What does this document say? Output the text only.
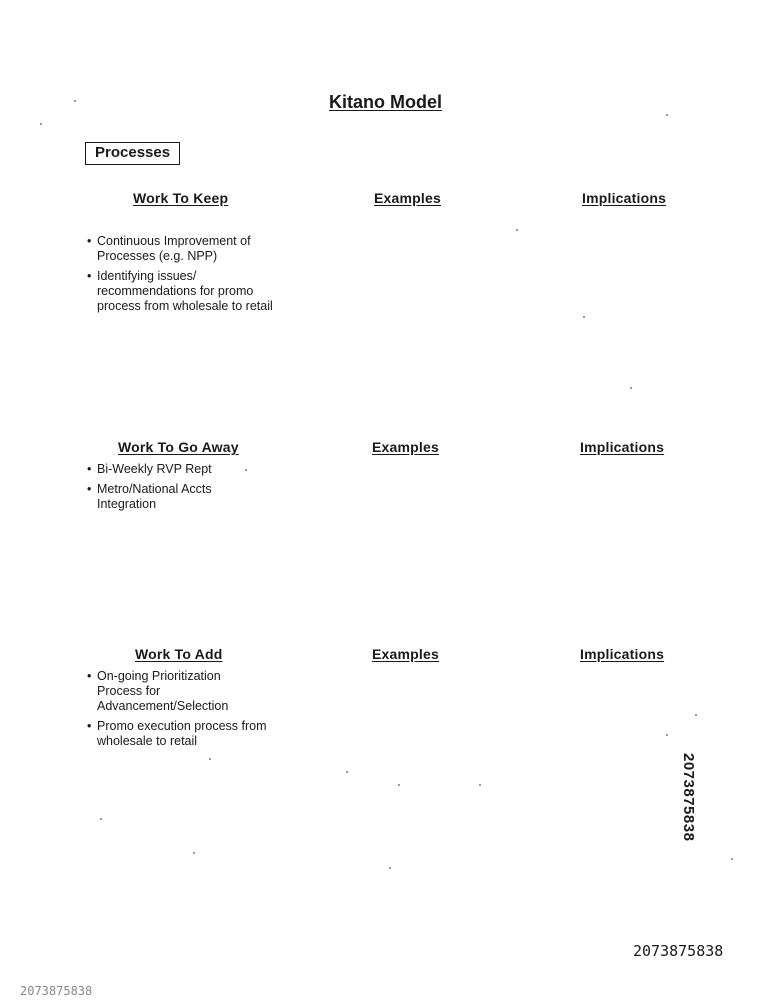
Kitano Model
Processes
Work To Keep	Examples	Implications
• Continuous Improvement of Processes (e.g. NPP)
• Identifying issues/ recommendations for promo process from wholesale to retail
Work To Go Away	Examples	Implications
• Bi-Weekly RVP Rept
• Metro/National Accts Integration
Work To Add	Examples	Implications
• On-going Prioritization Process for Advancement/Selection
• Promo execution process from wholesale to retail
2073875838
2073875838
2073875838
